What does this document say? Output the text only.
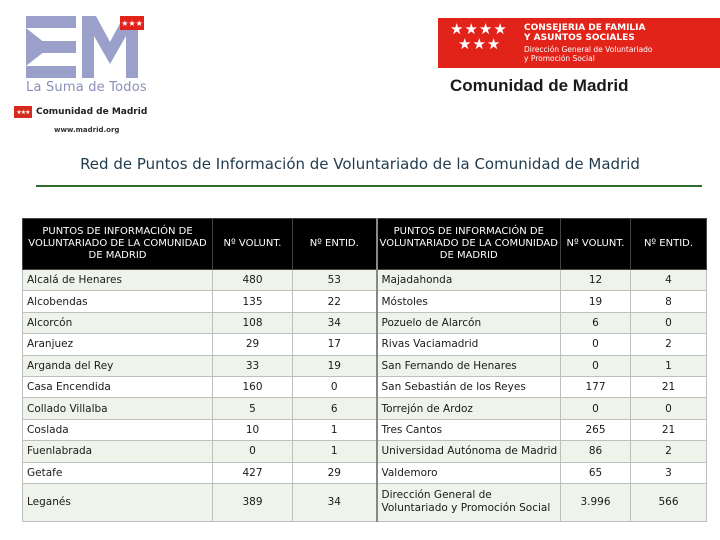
★★★
La Suma de Todos
★★★ Comunidad de Madrid
www.madrid.org
★★★★
★★★
CONSEJERIA DE FAMILIA
Y ASUNTOS SOCIALES
Dirección General de Voluntariado
y Promoción Social
Comunidad de Madrid
Red de Puntos de Información de Voluntariado de la Comunidad de Madrid
PUNTOS DE INFORMACIÓN DE VOLUNTARIADO DE LA COMUNIDAD DE MADRID	Nº VOLUNT.	Nº ENTID.	PUNTOS DE INFORMACIÓN DE VOLUNTARIADO DE LA COMUNIDAD DE MADRID	Nº VOLUNT.	Nº ENTID.
Alcalá de Henares	480	53	Majadahonda	12	4
Alcobendas	135	22	Móstoles	19	8
Alcorcón	108	34	Pozuelo de Alarcón	6	0
Aranjuez	29	17	Rivas Vaciamadrid	0	2
Arganda del Rey	33	19	San Fernando de Henares	0	1
Casa Encendida	160	0	San Sebastián de los Reyes	177	21
Collado Villalba	5	6	Torrejón de Ardoz	0	0
Coslada	10	1	Tres Cantos	265	21
Fuenlabrada	0	1	Universidad Autónoma de Madrid	86	2
Getafe	427	29	Valdemoro	65	3
Leganés	389	34	Dirección General de Voluntariado y Promoción Social	3.996	566
